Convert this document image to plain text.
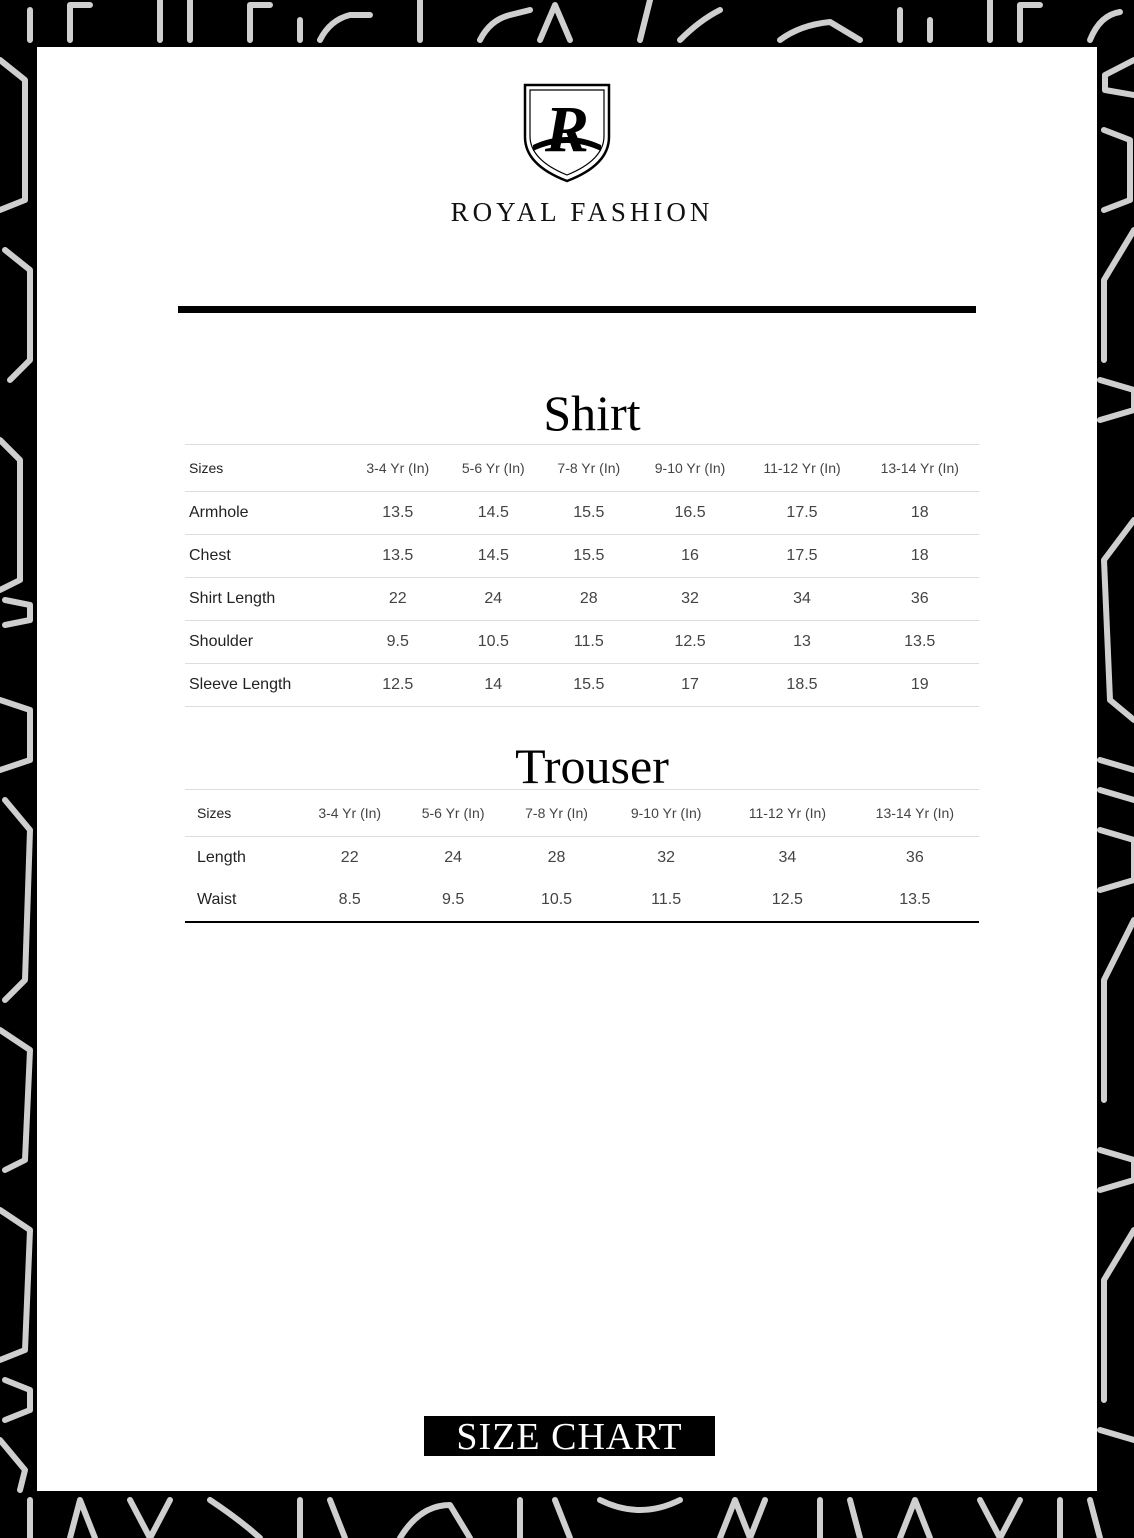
R
ROYAL FASHION
Shirt
Sizes	3-4 Yr (In)	5-6 Yr (In)	7-8 Yr (In)	9-10 Yr (In)	11-12 Yr (In)	13-14 Yr (In)
Armhole	13.5	14.5	15.5	16.5	17.5	18
Chest	13.5	14.5	15.5	16	17.5	18
Shirt Length	22	24	28	32	34	36
Shoulder	9.5	10.5	11.5	12.5	13	13.5
Sleeve Length	12.5	14	15.5	17	18.5	19
Trouser
Sizes	3-4 Yr (In)	5-6 Yr (In)	7-8 Yr (In)	9-10 Yr (In)	11-12 Yr (In)	13-14 Yr (In)
Length	22	24	28	32	34	36
Waist	8.5	9.5	10.5	11.5	12.5	13.5
SIZE CHART
